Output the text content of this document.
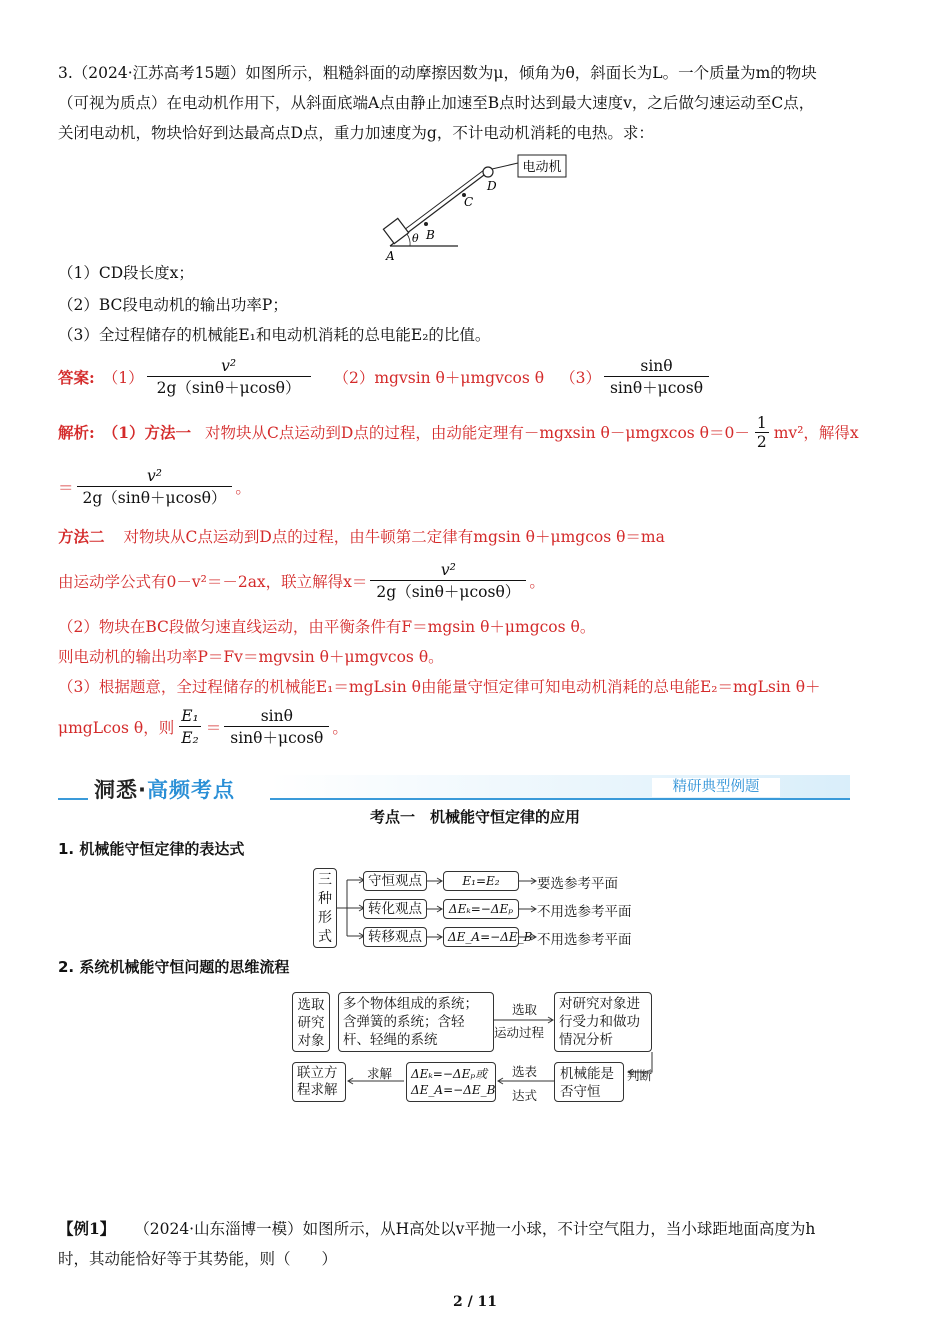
3.（2024·江苏高考15题）如图所示，粗糙斜面的动摩擦因数为μ，倾角为θ，斜面长为L。一个质量为m的物块
（可视为质点）在电动机作用下，从斜面底端A点由静止加速至B点时达到最大速度v，之后做匀速运动至C点，
关闭电动机，物块恰好到达最高点D点，重力加速度为g，不计电动机消耗的电热。求：
电动机
θ
A
B
C
D
（1）CD段长度x；
（2）BC段电动机的输出功率P；
（3）全过程储存的机械能E₁和电动机消耗的总电能E₂的比值。
答案: $(1) \frac{\text{v²}}{2g(\sin\theta+\mu\cos\theta)} (2)mgvsin$ θ＋μmgvcos θ $(3) \frac{\sin\theta}{\sin\theta+\mu\cos\theta}$
解析: （1）方法一 对物块从C点运动到D点的过程，由动能定理有－mgxsin θ－μmgxcos $\theta=0- \frac{1}{2} mv^2$，解得x
＝ $\frac{\text{v²}}{2g(\sin\theta+\mu\cos\theta)}$ 。
方法二 对物块从C点运动到D点的过程，由牛顿第二定律有mgsin θ＋μmgcos θ＝ma
由运动学公式有0－v²＝－2ax，联立解得$x= \frac{\text{v²}}{2g(\sin\theta+\mu\cos\theta)}$ 。
（2）物块在BC段做匀速直线运动，由平衡条件有F＝mgsin θ＋μmgcos θ。
则电动机的输出功率P＝Fv＝mgvsin θ＋μmgvcos θ。
（3）根据题意，全过程储存的机械能E₁＝mgLsin θ由能量守恒定律可知电动机消耗的总电能E₂＝mgLsin θ＋
μmgLcos θ，则 $\frac{\text{E₁}}{\text{E₂}} = \frac{\sin\theta}{\sin\theta+\mu\cos\theta}$ 。
洞悉·高频考点	精研典型例题
考点一　机械能守恒定律的应用
1. 机械能守恒定律的表达式
三种形式
守恒观点
转化观点
转移观点
E₁=E₂
ΔEₖ=−ΔEₚ
ΔE_A=−ΔE_B
要选参考平面
不用选参考平面
不用选参考平面
2. 系统机械能守恒问题的思维流程
选取研究对象
多个物体组成的系统；含弹簧的系统；含轻杆、轻绳的系统
选取
运动过程
对研究对象进行受力和做功情况分析
判断
机械能是否守恒
选表
达式
ΔEₖ=−ΔEₚ或
ΔE_A=−ΔE_B
求解
联立方程求解
【例1】 （2024·山东淄博一模）如图所示，从H高处以v平抛一小球，不计空气阻力，当小球距地面高度为h
时，其动能恰好等于其势能，则（　　）
2 / 11
